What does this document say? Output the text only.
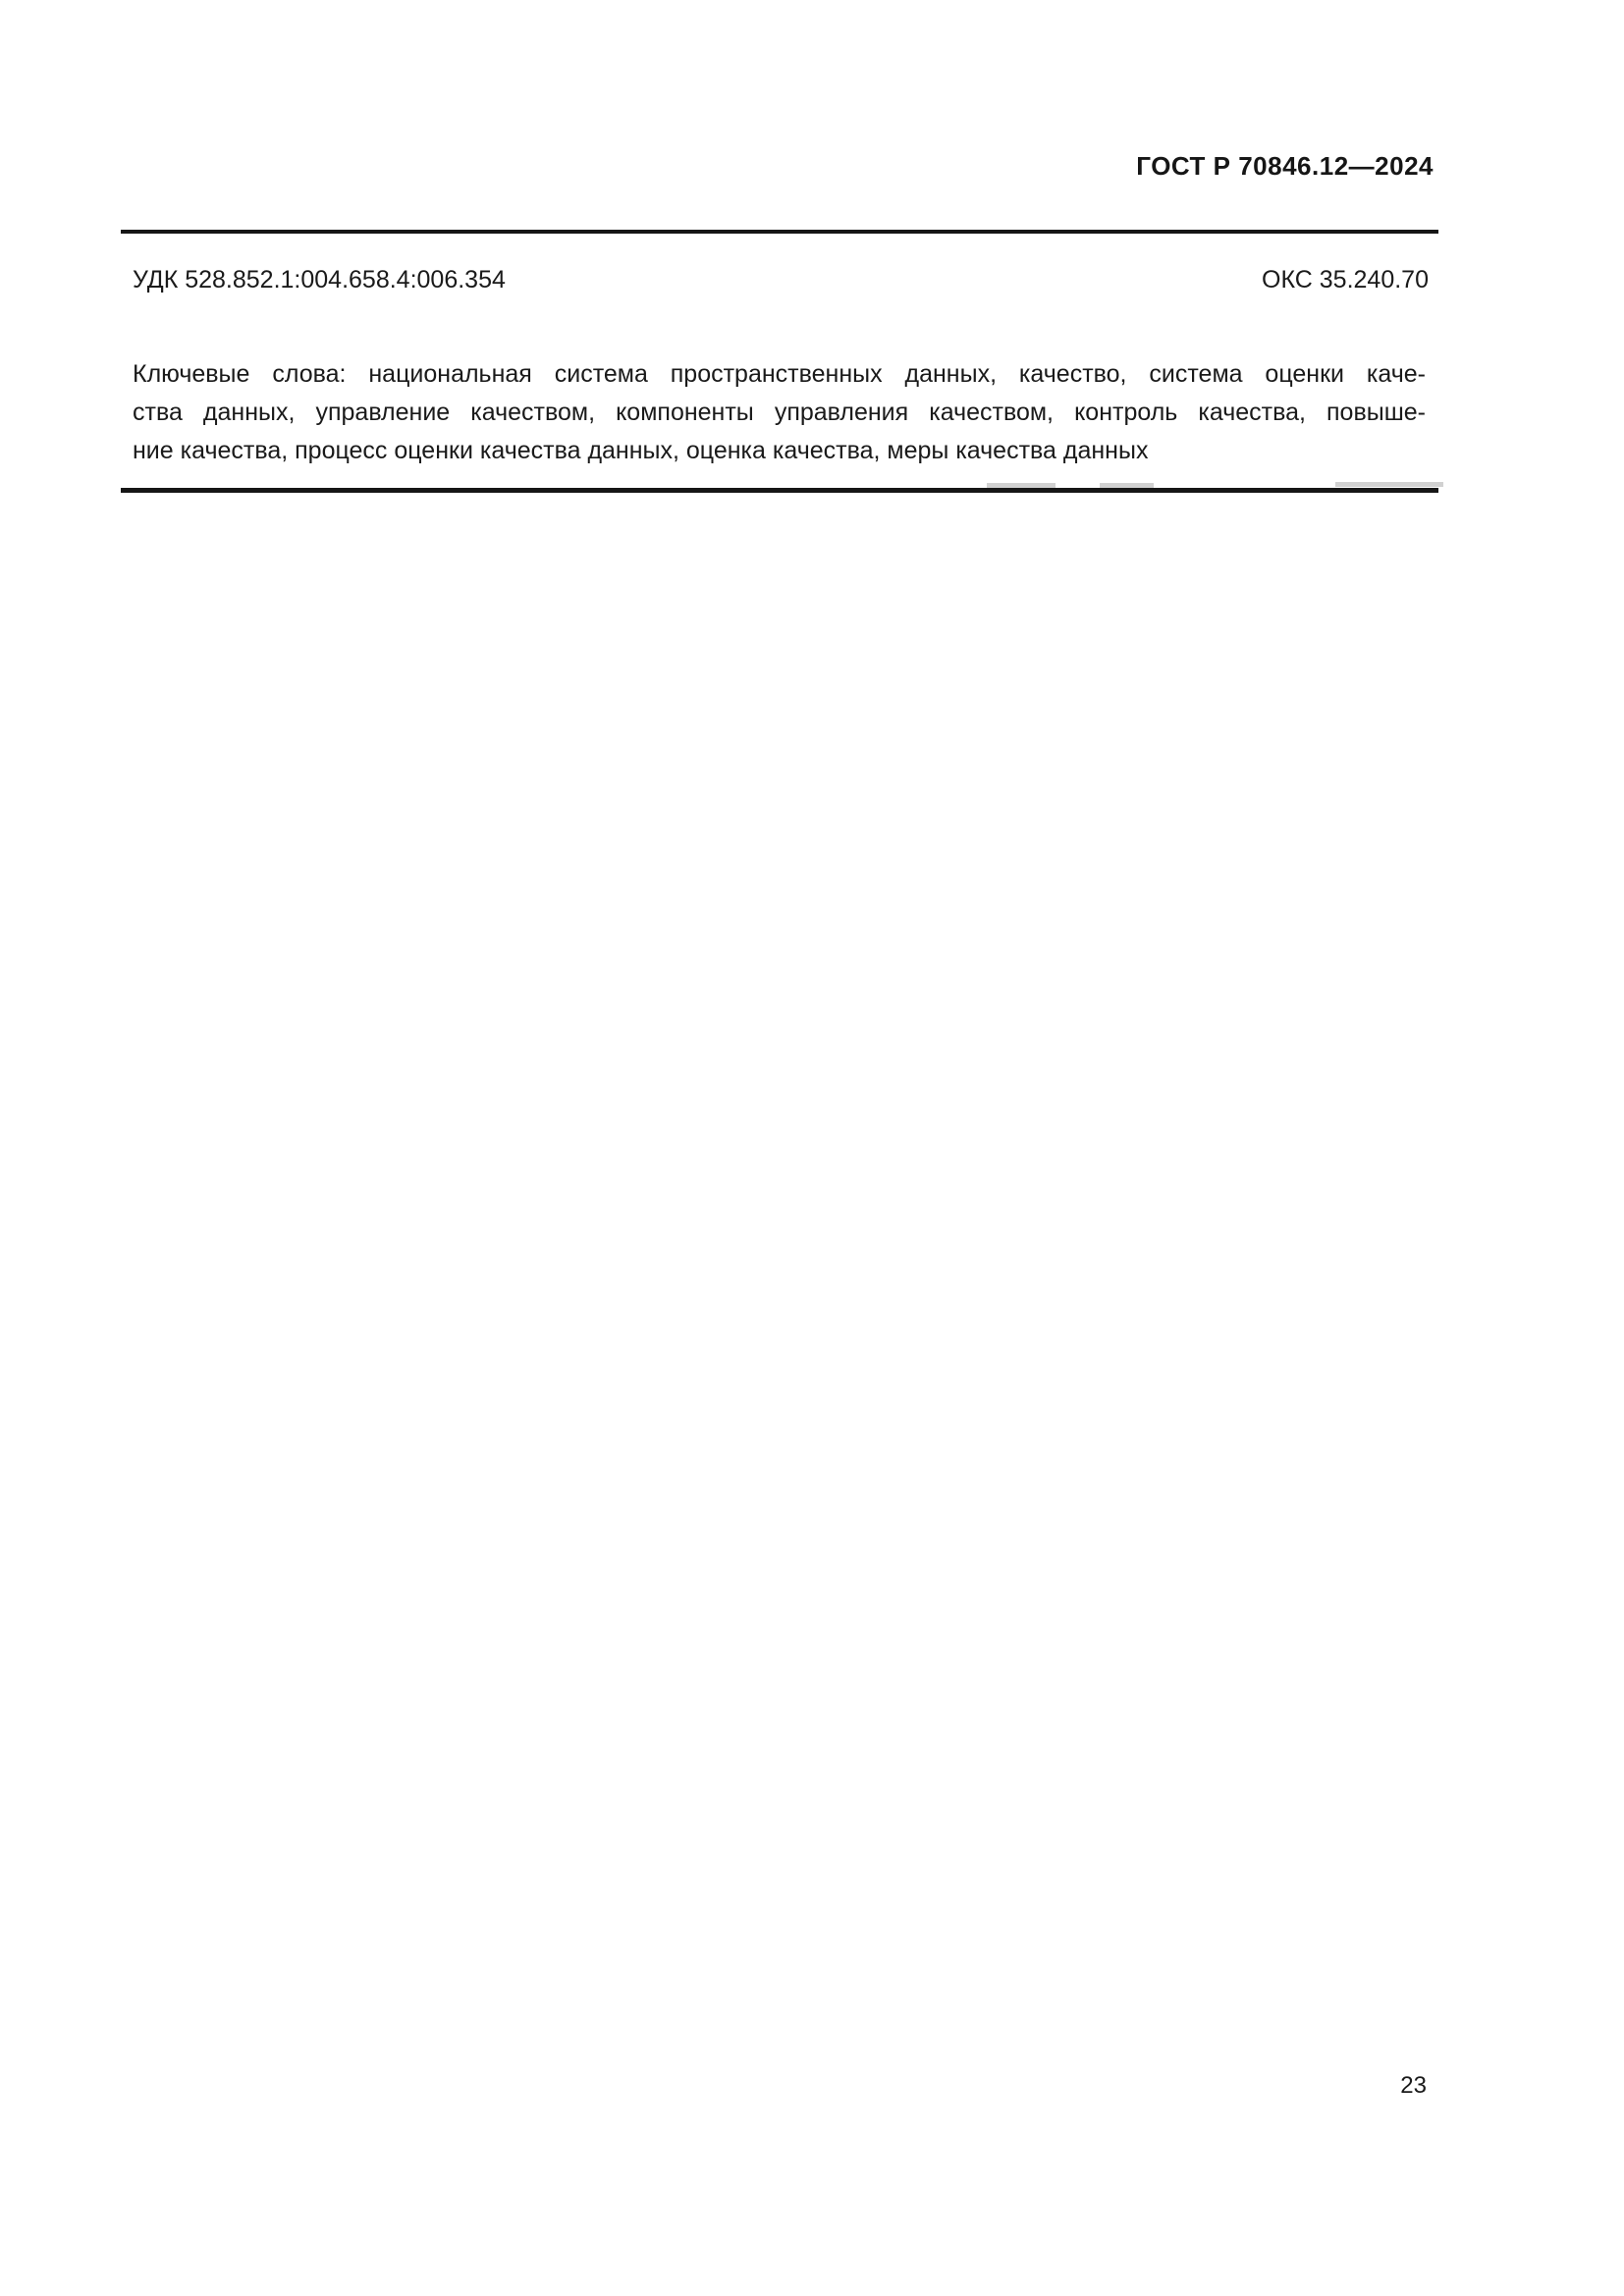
ГОСТ Р 70846.12—2024
УДК 528.852.1:004.658.4:006.354	ОКС 35.240.70
Ключевые слова: национальная система пространственных данных, качество, система оценки каче-
ства данных, управление качеством, компоненты управления качеством, контроль качества, повыше-
ние качества, процесс оценки качества данных, оценка качества, меры качества данных
23
